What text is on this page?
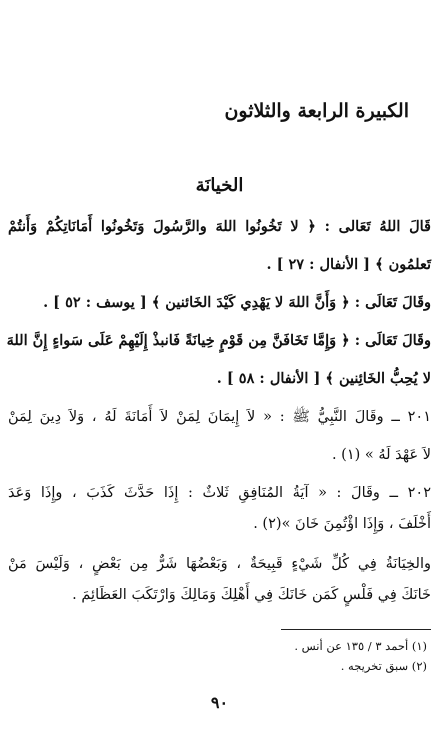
الكبيرة الرابعة والثلاثون
الخيانَة
قَالَ اللهُ تَعَالى : ﴿ لا تَخُونُوا اللهَ والرَّسُولَ وَتَخُونُوا أَمَانَاتِكُمْ وَأَنتُمْ
تَعلمُون ﴾ [ الأنفال : ٢٧ ] .
وقَالَ تَعَالَى : ﴿ وَأَنَّ اللهَ لا يَهْدِي كَيْدَ الخَائنين ﴾ [ يوسف : ٥٢ ] .
وقَالَ تَعَالَى : ﴿ وَإِمَّا تَخَافَنَّ مِن قَوْمٍ خِيانَةً فَانبذْ إِلَيْهِمْ عَلَى سَواءٍ إِنَّ اللهَ
لا يُحِبُّ الخَائِنين ﴾ [ الأنفال : ٥٨ ] .
٢٠١ ــ وقَالَ النَّبِيُّ ﷺ : « لاَ إِيمَانَ لِمَنْ لاَ أَمَانَةَ لَهُ ، وَلاَ دِينَ لِمَنْ
لاَ عَهْدَ لَهُ » (١) .
٢٠٢ ــ وقَالَ : « آيَةُ المُنَافِقِ ثَلاثٌ : إِذَا حَدَّثَ كَذَبَ ، وإِذَا وَعَدَ
أَخْلَفَ ، وَإِذَا اؤْتُمِنَ خَانَ »(٢) .
والخِيَانَةُ فِي كُلِّ شَيْءٍ قَبِيحَةٌ ، وَبَعْضُهَا شَرٌّ مِن بَعْضٍ ، وَلَيْسَ مَنْ
خَانَكَ فِي فَلْسٍ كَمَن خَانَكَ فِي أَهْلِكَ وَمَالِكَ وَارْتَكَبَ العَظَائِمَ .
(١) أحمد ٣ / ١٣٥ عن أنس .
(٢) سبق تخريجه .
٩٠
